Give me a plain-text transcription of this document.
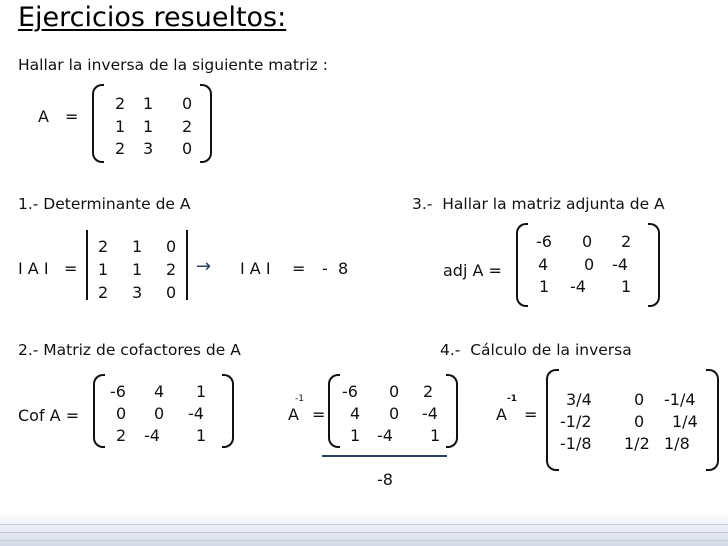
Ejercicios resueltos:
Hallar la inversa de la siguiente matriz :
A =
2 1 0
1 1 2
2 3 0
1.- Determinante de A
I A I =
2 1 0
1 1 2
2 3 0
→ I A I = -  8
3.-  Hallar la matriz adjunta de A
adj A =
-6 0 2
4 0 -4
1 -4 1
2.- Matriz de cofactores de A
Cof A =
-6 4 1
0 0 -4
2 -4 1
4.-  Cálculo de la inversa
A
-1
=
-6 0 2
4 0 -4
1 -4 1
-8
A
-1
=
3/4	0 -1/4
-1/2	0 1/4
-1/8 1/2 1/8
